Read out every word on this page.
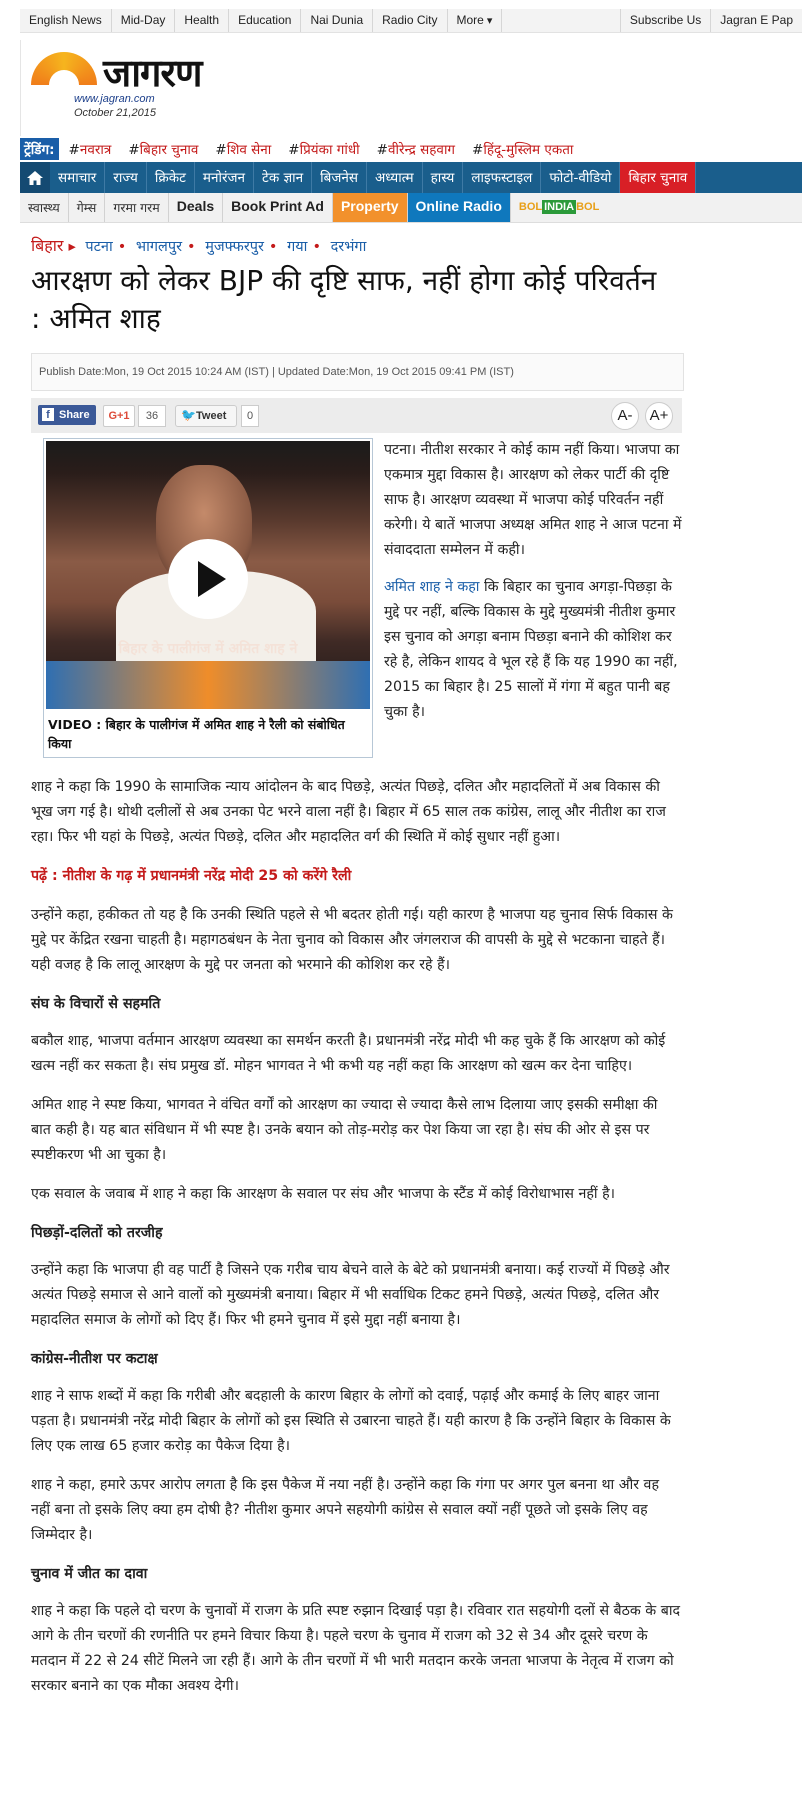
English News	Mid-Day	Health	Education	Nai Dunia	Radio City	More ▾	Subscribe Us	Jagran E Pap
जागरण
www.jagran.com
October 21,2015
ट्रेंडिंग: #नवरात्र #बिहार चुनाव #शिव सेना #प्रियंका गांधी #वीरेन्द्र सहवाग #हिंदू-मुस्लिम एकता
समाचार	राज्य	क्रिकेट	मनोरंजन	टेक ज्ञान	बिजनेस	अध्यात्म	हास्य	लाइफस्टाइल	फोटो-वीडियो	बिहार चुनाव
स्वास्थ्य	गेम्स	गरमा गरम	Deals	Book Print Ad	Property	Online Radio	BOL INDIA BOL
बिहार ▸ पटना • भागलपुर • मुजफ्फरपुर • गया • दरभंगा
आरक्षण को लेकर BJP की दृष्टि साफ, नहीं होगा कोई परिवर्तन : अमित शाह
Publish Date:Mon, 19 Oct 2015 10:24 AM (IST) | Updated Date:Mon, 19 Oct 2015 09:41 PM (IST)
f Share	G+1	36	🐦 Tweet	0	A-	A+
बिहार के पालीगंज में अमित शाह ने
VIDEO : बिहार के पालीगंज में अमित शाह ने रैली को संबोधित किया

पटना। नीतीश सरकार ने कोई काम नहीं किया। भाजपा का एकमात्र मुद्दा विकास है। आरक्षण को लेकर पार्टी की दृष्टि साफ है। आरक्षण व्यवस्था में भाजपा कोई परिवर्तन नहीं करेगी। ये बातें भाजपा अध्यक्ष अमित शाह ने आज पटना में संवाददाता सम्मेलन में कही।

अमित शाह ने कहा कि बिहार का चुनाव अगड़ा-पिछड़ा के मुद्दे पर नहीं, बल्कि विकास के मुद्दे मुख्यमंत्री नीतीश कुमार इस चुनाव को अगड़ा बनाम पिछड़ा बनाने की कोशिश कर रहे है, लेकिन शायद वे भूल रहे हैं कि यह 1990 का नहीं, 2015 का बिहार है। 25 सालों में गंगा में बहुत पानी बह चुका है।

शाह ने कहा कि 1990 के सामाजिक न्याय आंदोलन के बाद पिछड़े, अत्यंत पिछड़े, दलित और महादलितों में अब विकास की भूख जग गई है। थोथी दलीलों से अब उनका पेट भरने वाला नहीं है। बिहार में 65 साल तक कांग्रेस, लालू और नीतीश का राज रहा। फिर भी यहां के पिछड़े, अत्यंत पिछड़े, दलित और महादलित वर्ग की स्थिति में कोई सुधार नहीं हुआ।

पढ़ें : नीतीश के गढ़ में प्रधानमंत्री नरेंद्र मोदी 25 को करेंगे रैली

उन्होंने कहा, हकीकत तो यह है कि उनकी स्थिति पहले से भी बदतर होती गई। यही कारण है भाजपा यह चुनाव सिर्फ विकास के मुद्दे पर केंद्रित रखना चाहती है। महागठबंधन के नेता चुनाव को विकास और जंगलराज की वापसी के मुद्दे से भटकाना चाहते हैं। यही वजह है कि लालू आरक्षण के मुद्दे पर जनता को भरमाने की कोशिश कर रहे हैं।

संघ के विचारों से सहमति

बकौल शाह, भाजपा वर्तमान आरक्षण व्यवस्था का समर्थन करती है। प्रधानमंत्री नरेंद्र मोदी भी कह चुके हैं कि आरक्षण को कोई खत्म नहीं कर सकता है। संघ प्रमुख डॉ. मोहन भागवत ने भी कभी यह नहीं कहा कि आरक्षण को खत्म कर देना चाहिए।

अमित शाह ने स्पष्ट किया, भागवत ने वंचित वर्गों को आरक्षण का ज्यादा से ज्यादा कैसे लाभ दिलाया जाए इसकी समीक्षा की बात कही है। यह बात संविधान में भी स्पष्ट है। उनके बयान को तोड़-मरोड़ कर पेश किया जा रहा है। संघ की ओर से इस पर स्पष्टीकरण भी आ चुका है।

एक सवाल के जवाब में शाह ने कहा कि आरक्षण के सवाल पर संघ और भाजपा के स्टैंड में कोई विरोधाभास नहीं है।

पिछड़ों-दलितों को तरजीह

उन्होंने कहा कि भाजपा ही वह पार्टी है जिसने एक गरीब चाय बेचने वाले के बेटे को प्रधानमंत्री बनाया। कई राज्यों में पिछड़े और अत्यंत पिछड़े समाज से आने वालों को मुख्यमंत्री बनाया। बिहार में भी सर्वाधिक टिकट हमने पिछड़े, अत्यंत पिछड़े, दलित और महादलित समाज के लोगों को दिए हैं। फिर भी हमने चुनाव में इसे मुद्दा नहीं बनाया है।

कांग्रेस-नीतीश पर कटाक्ष

शाह ने साफ शब्दों में कहा कि गरीबी और बदहाली के कारण बिहार के लोगों को दवाई, पढ़ाई और कमाई के लिए बाहर जाना पड़ता है। प्रधानमंत्री नरेंद्र मोदी बिहार के लोगों को इस स्थिति से उबारना चाहते हैं। यही कारण है कि उन्होंने बिहार के विकास के लिए एक लाख 65 हजार करोड़ का पैकेज दिया है।

शाह ने कहा, हमारे ऊपर आरोप लगता है कि इस पैकेज में नया नहीं है। उन्होंने कहा कि गंगा पर अगर पुल बनना था और वह नहीं बना तो इसके लिए क्या हम दोषी है? नीतीश कुमार अपने सहयोगी कांग्रेस से सवाल क्यों नहीं पूछते जो इसके लिए वह जिम्मेदार है।

चुनाव में जीत का दावा

शाह ने कहा कि पहले दो चरण के चुनावों में राजग के प्रति स्पष्ट रुझान दिखाई पड़ा है। रविवार रात सहयोगी दलों से बैठक के बाद आगे के तीन चरणों की रणनीति पर हमने विचार किया है। पहले चरण के चुनाव में राजग को 32 से 34 और दूसरे चरण के मतदान में 22 से 24 सीटें मिलने जा रही हैं। आगे के तीन चरणों में भी भारी मतदान करके जनता भाजपा के नेतृत्व में राजग को सरकार बनाने का एक मौका अवश्य देगी।
